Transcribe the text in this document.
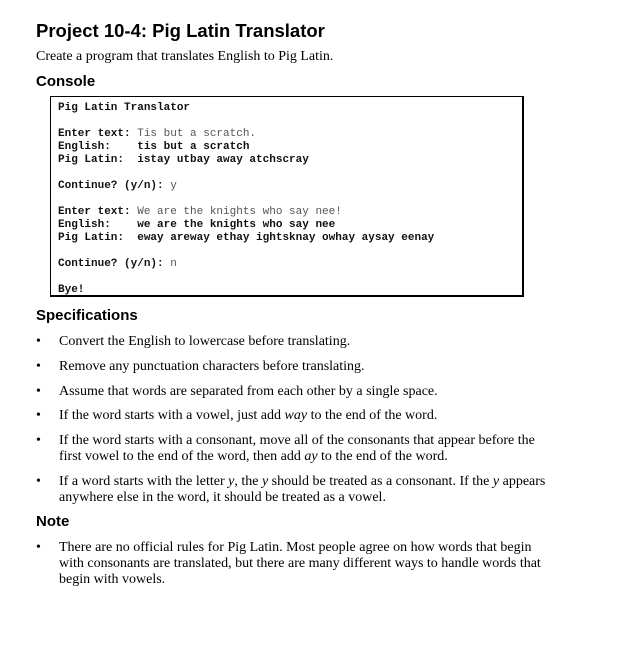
Project 10-4: Pig Latin Translator

Create a program that translates English to Pig Latin.

Console
Pig Latin Translator
Enter text: Tis but a scratch.
English:    tis but a scratch
Pig Latin:  istay utbay away atchscray
Continue? (y/n): y
Enter text: We are the knights who say nee!
English:    we are the knights who say nee
Pig Latin:  eway areway ethay ightsknay owhay aysay eenay
Continue? (y/n): n
Bye!
Specifications
• Convert the English to lowercase before translating.
• Remove any punctuation characters before translating.
• Assume that words are separated from each other by a single space.
• If the word starts with a vowel, just add way to the end of the word.
• If the word starts with a consonant, move all of the consonants that appear before the first vowel to the end of the word, then add ay to the end of the word.
• If a word starts with the letter y, the y should be treated as a consonant. If the y appears anywhere else in the word, it should be treated as a vowel.
Note
• There are no official rules for Pig Latin. Most people agree on how words that begin with consonants are translated, but there are many different ways to handle words that begin with vowels.
